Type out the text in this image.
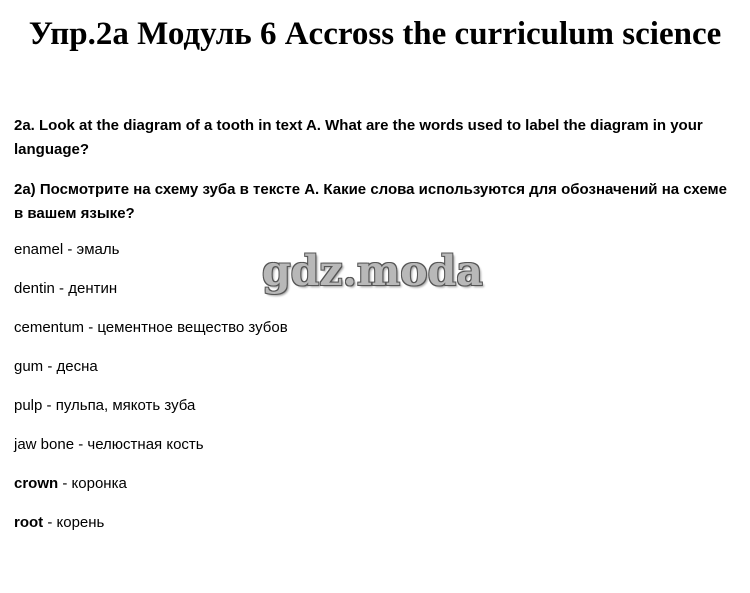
Упр.2а Модуль 6 Accross the curriculum science

2a. Look at the diagram of a tooth in text A. What are the words used to label the diagram in your language?

2а) Посмотрите на схему зуба в тексте А. Какие слова используются для обозначений на схеме в вашем языке?

enamel - эмаль
dentin - дентин
cementum - цементное вещество зубов
gum - десна
pulp - пульпа, мякоть зуба
jaw bone - челюстная кость
crown - коронка
root - корень
gdz.moda
